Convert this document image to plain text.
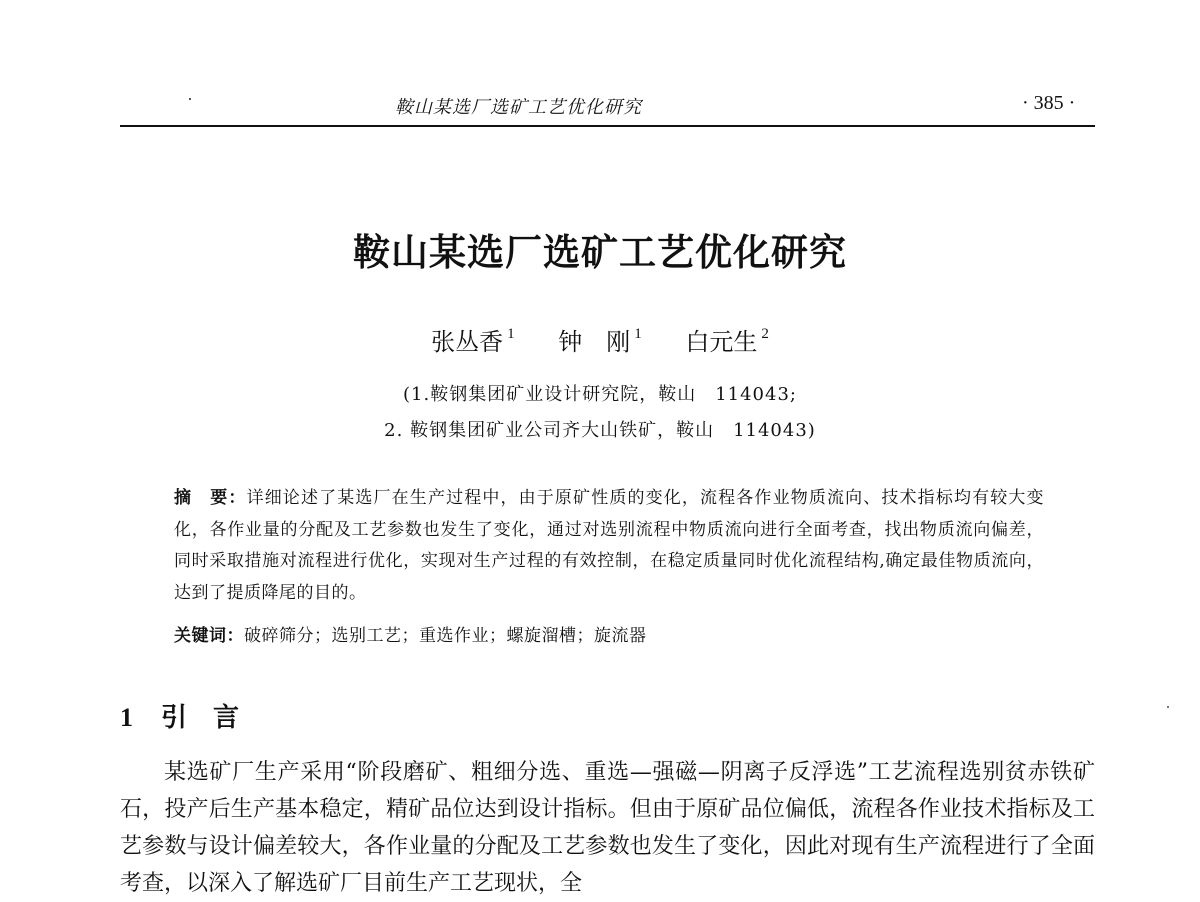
鞍山某选厂选矿工艺优化研究	· 385 ·
鞍山某选厂选矿工艺优化研究
张丛香 $^1$ 钟　刚 $^1$ 白元生 $^2$
(1.鞍钢集团矿业设计研究院，鞍山　114043;
2. 鞍钢集团矿业公司齐大山铁矿，鞍山　114043)
摘　要：详细论述了某选厂在生产过程中，由于原矿性质的变化，流程各作业物质流向、技术指标均有较大变化，各作业量的分配及工艺参数也发生了变化，通过对选别流程中物质流向进行全面考查，找出物质流向偏差，同时采取措施对流程进行优化，实现对生产过程的有效控制，在稳定质量同时优化流程结构,确定最佳物质流向，达到了提质降尾的目的。
关键词：破碎筛分；选别工艺；重选作业；螺旋溜槽；旋流器
1 引　言
某选矿厂生产采用“阶段磨矿、粗细分选、重选—强磁—阴离子反浮选”工艺流程选别贫赤铁矿石，投产后生产基本稳定，精矿品位达到设计指标。但由于原矿品位偏低，流程各作业技术指标及工艺参数与设计偏差较大，各作业量的分配及工艺参数也发生了变化，因此对现有生产流程进行了全面考查，以深入了解选矿厂目前生产工艺现状，全
